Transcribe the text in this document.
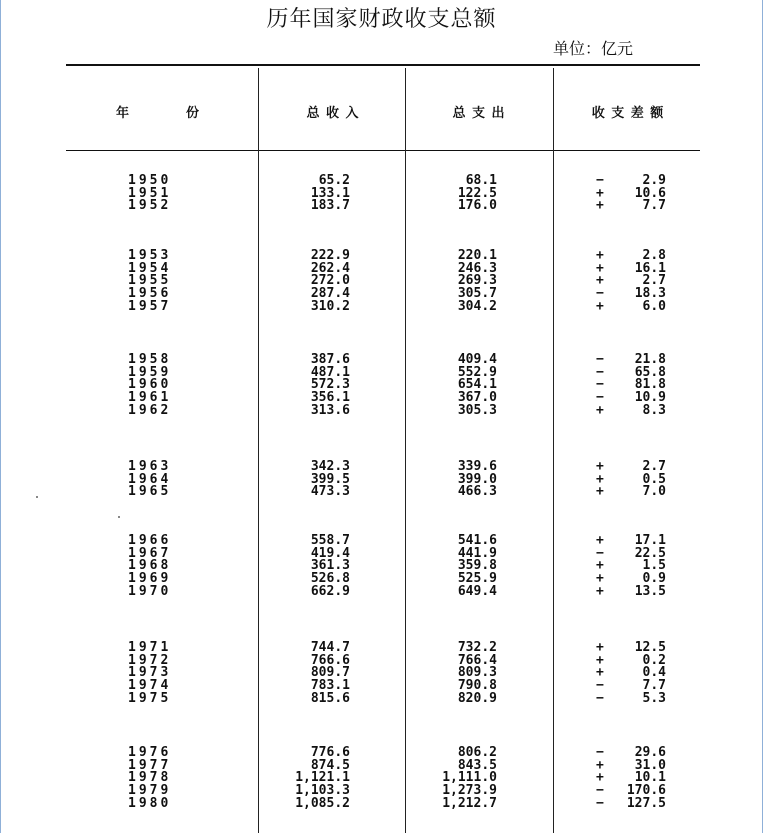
历年国家财政收支总额
单位：亿元
年	份	总 收 入	总 支 出	收 支 差 额
1950	65.2	68.1	−	2.9
1951	133.1	122.5	+ 10.6
1952	183.7	176.0	+	7.7
1953	222.9	220.1	+	2.8
1954	262.4	246.3	+ 16.1
1955	272.0	269.3	+	2.7
1956	287.4	305.7	− 18.3
1957	310.2	304.2	+	6.0
1958	387.6	409.4	− 21.8
1959	487.1	552.9	− 65.8
1960	572.3	654.1	− 81.8
1961	356.1	367.0	− 10.9
1962	313.6	305.3	+	8.3
1963	342.3	339.6	+	2.7
1964	399.5	399.0	+	0.5
1965	473.3	466.3	+	7.0
1966	558.7	541.6	+ 17.1
1967	419.4	441.9	− 22.5
1968	361.3	359.8	+	1.5
1969	526.8	525.9	+	0.9
1970	662.9	649.4	+ 13.5
1971	744.7	732.2	+ 12.5
1972	766.6	766.4	+	0.2
1973	809.7	809.3	+	0.4
1974	783.1	790.8	−	7.7
1975	815.6	820.9	−	5.3
1976	776.6	806.2	− 29.6
1977	874.5	843.5	+ 31.0
1978	1,121.1	1,111.0	+ 10.1
1979	1,103.3	1,273.9	− 170.6
1980	1,085.2	1,212.7	− 127.5
